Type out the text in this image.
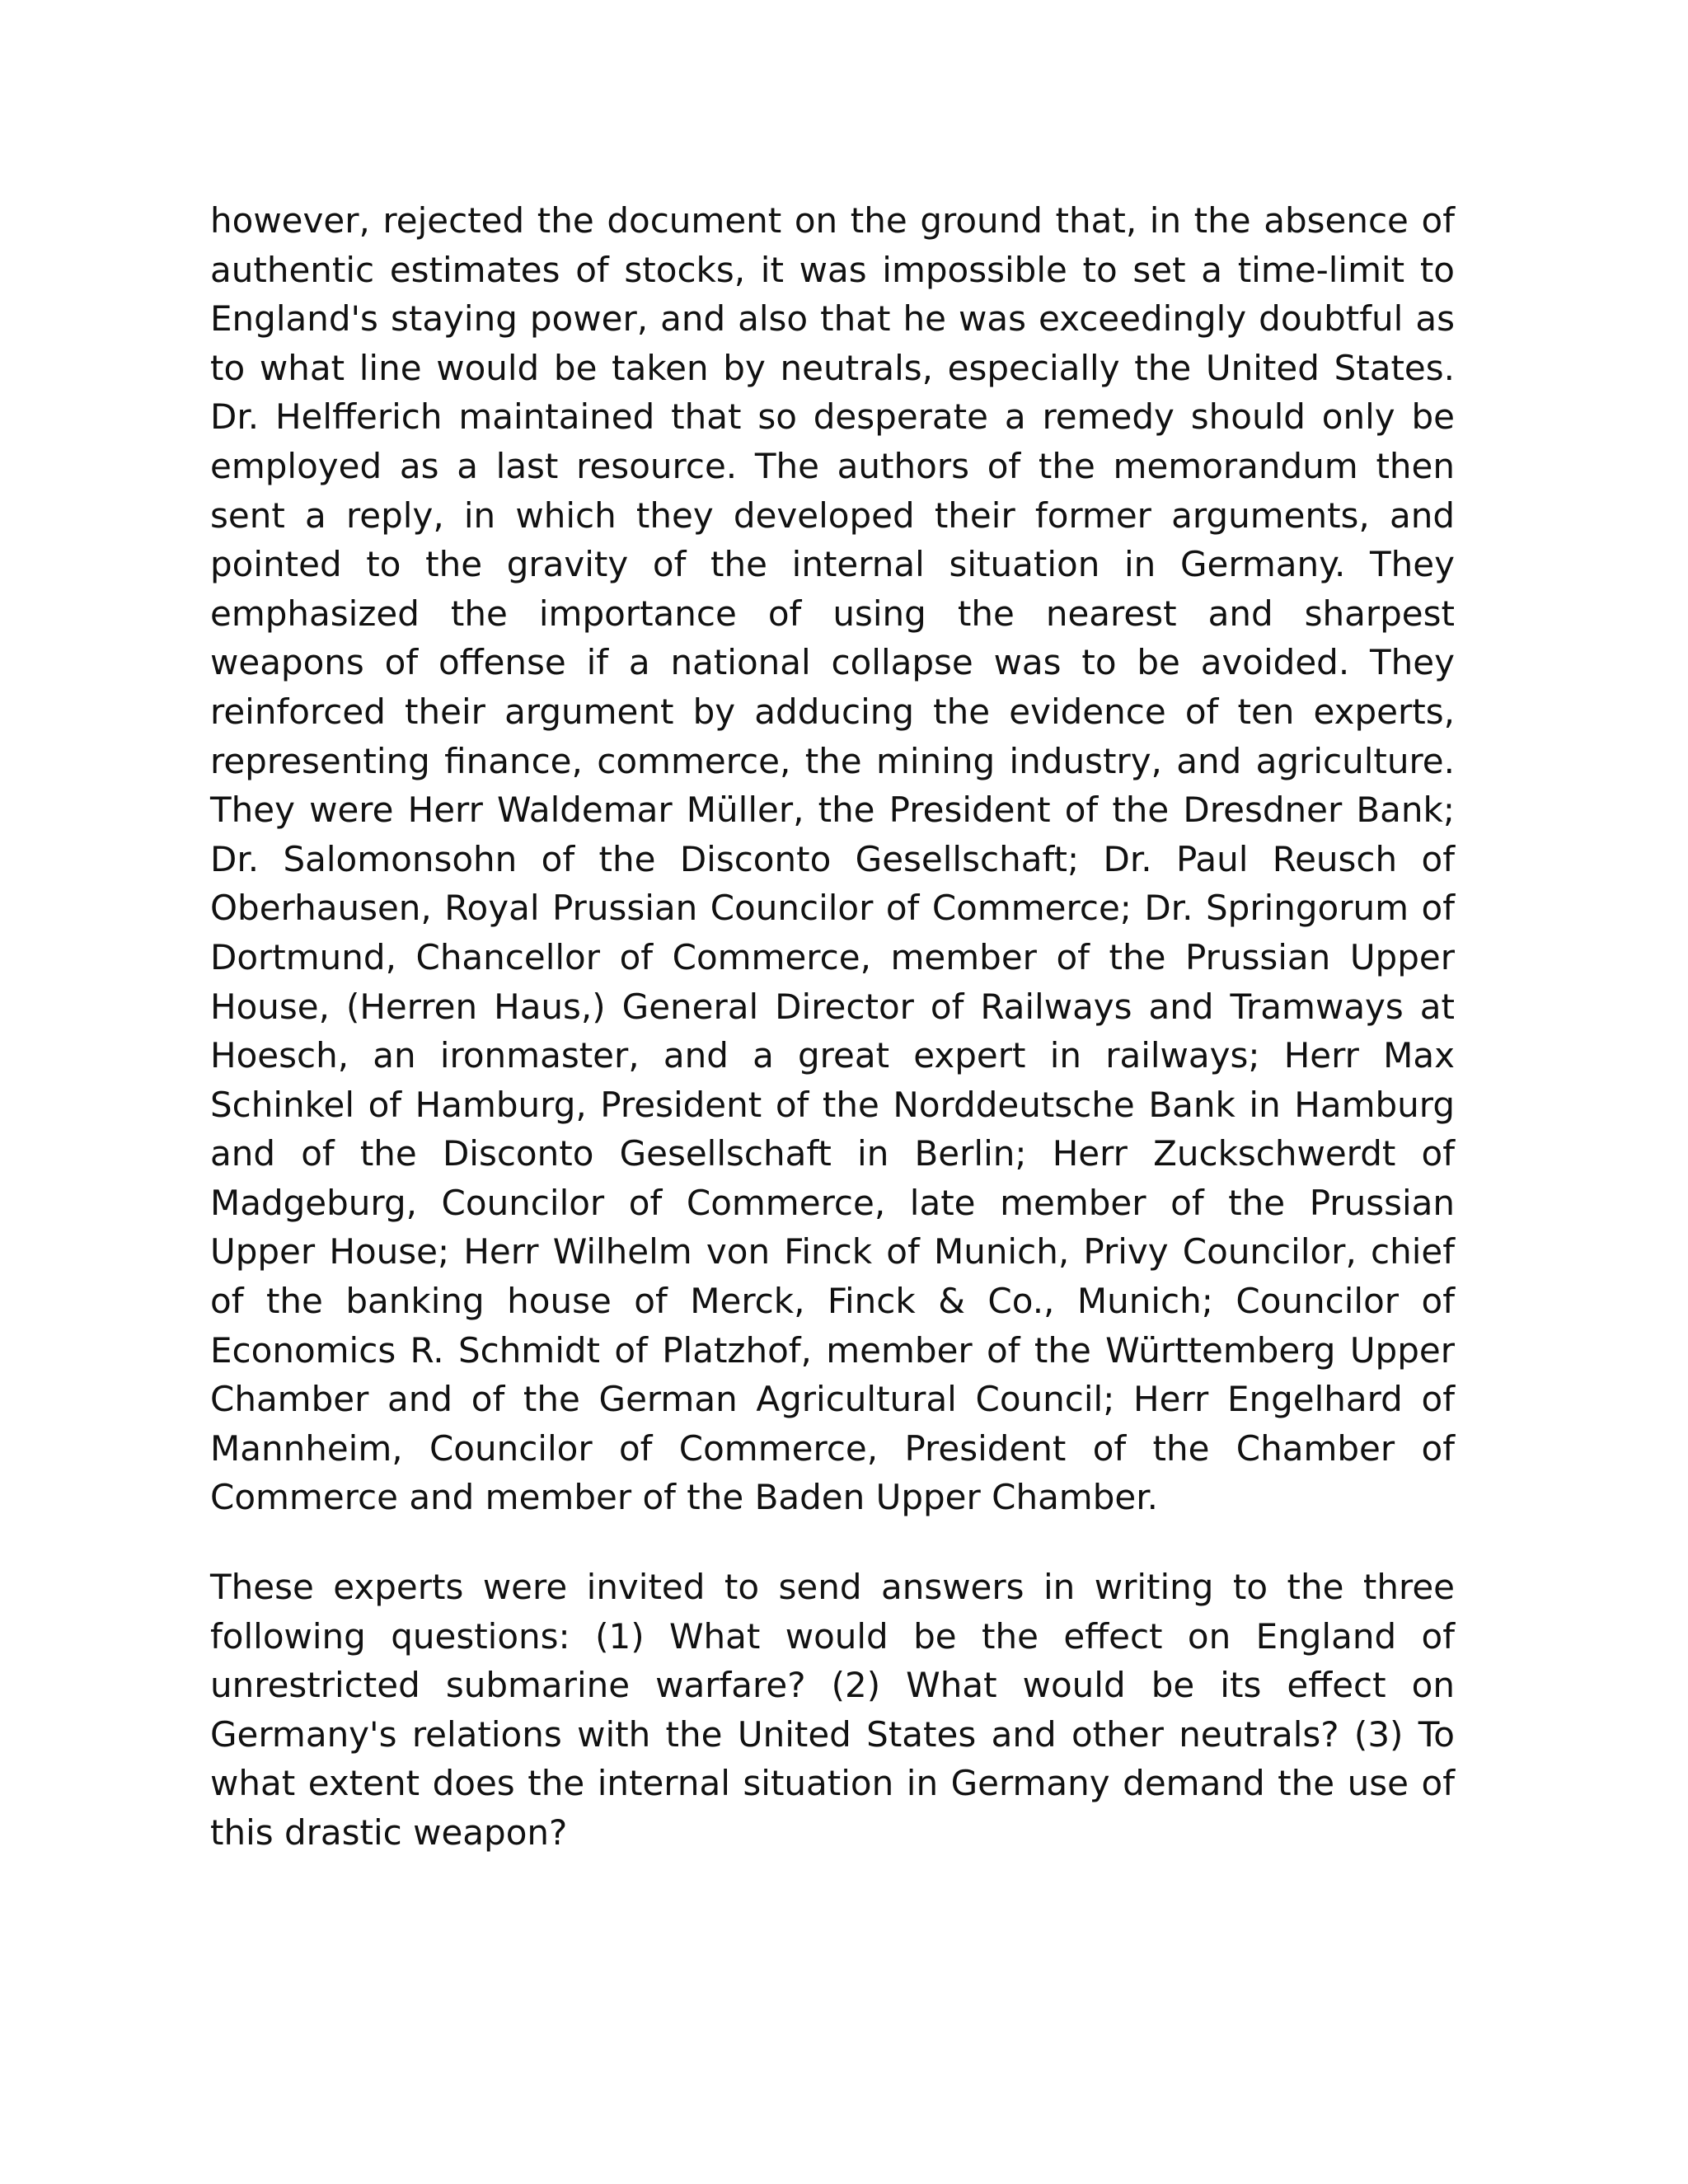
however, rejected the document on the ground that, in the absence of authentic estimates of stocks, it was impossible to set a time-limit to England's staying power, and also that he was exceedingly doubtful as to what line would be taken by neutrals, especially the United States. Dr. Helfferich maintained that so desperate a remedy should only be employed as a last resource. The authors of the memorandum then sent a reply, in which they developed their former arguments, and pointed to the gravity of the internal situation in Germany. They emphasized the importance of using the nearest and sharpest weapons of offense if a national collapse was to be avoided. They reinforced their argument by adducing the evidence of ten experts, representing finance, commerce, the mining industry, and agriculture. They were Herr Waldemar Müller, the President of the Dresdner Bank; Dr. Salomonsohn of the Disconto Gesellschaft; Dr. Paul Reusch of Oberhausen, Royal Prussian Councilor of Commerce; Dr. Springorum of Dortmund, Chancellor of Commerce, member of the Prussian Upper House, (Herren Haus,) General Director of Railways and Tramways at Hoesch, an ironmaster, and a great expert in railways; Herr Max Schinkel of Hamburg, President of the Norddeutsche Bank in Hamburg and of the Disconto Gesellschaft in Berlin; Herr Zuckschwerdt of Madgeburg, Councilor of Commerce, late member of the Prussian Upper House; Herr Wilhelm von Finck of Munich, Privy Councilor, chief of the banking house of Merck, Finck & Co., Munich; Councilor of Economics R. Schmidt of Platzhof, member of the Württemberg Upper Chamber and of the German Agricultural Council; Herr Engelhard of Mannheim, Councilor of Commerce, President of the Chamber of Commerce and member of the Baden Upper Chamber.

These experts were invited to send answers in writing to the three following questions: (1) What would be the effect on England of unrestricted submarine warfare? (2) What would be its effect on Germany's relations with the United States and other neutrals? (3) To what extent does the internal situation in Germany demand the use of this drastic weapon?
